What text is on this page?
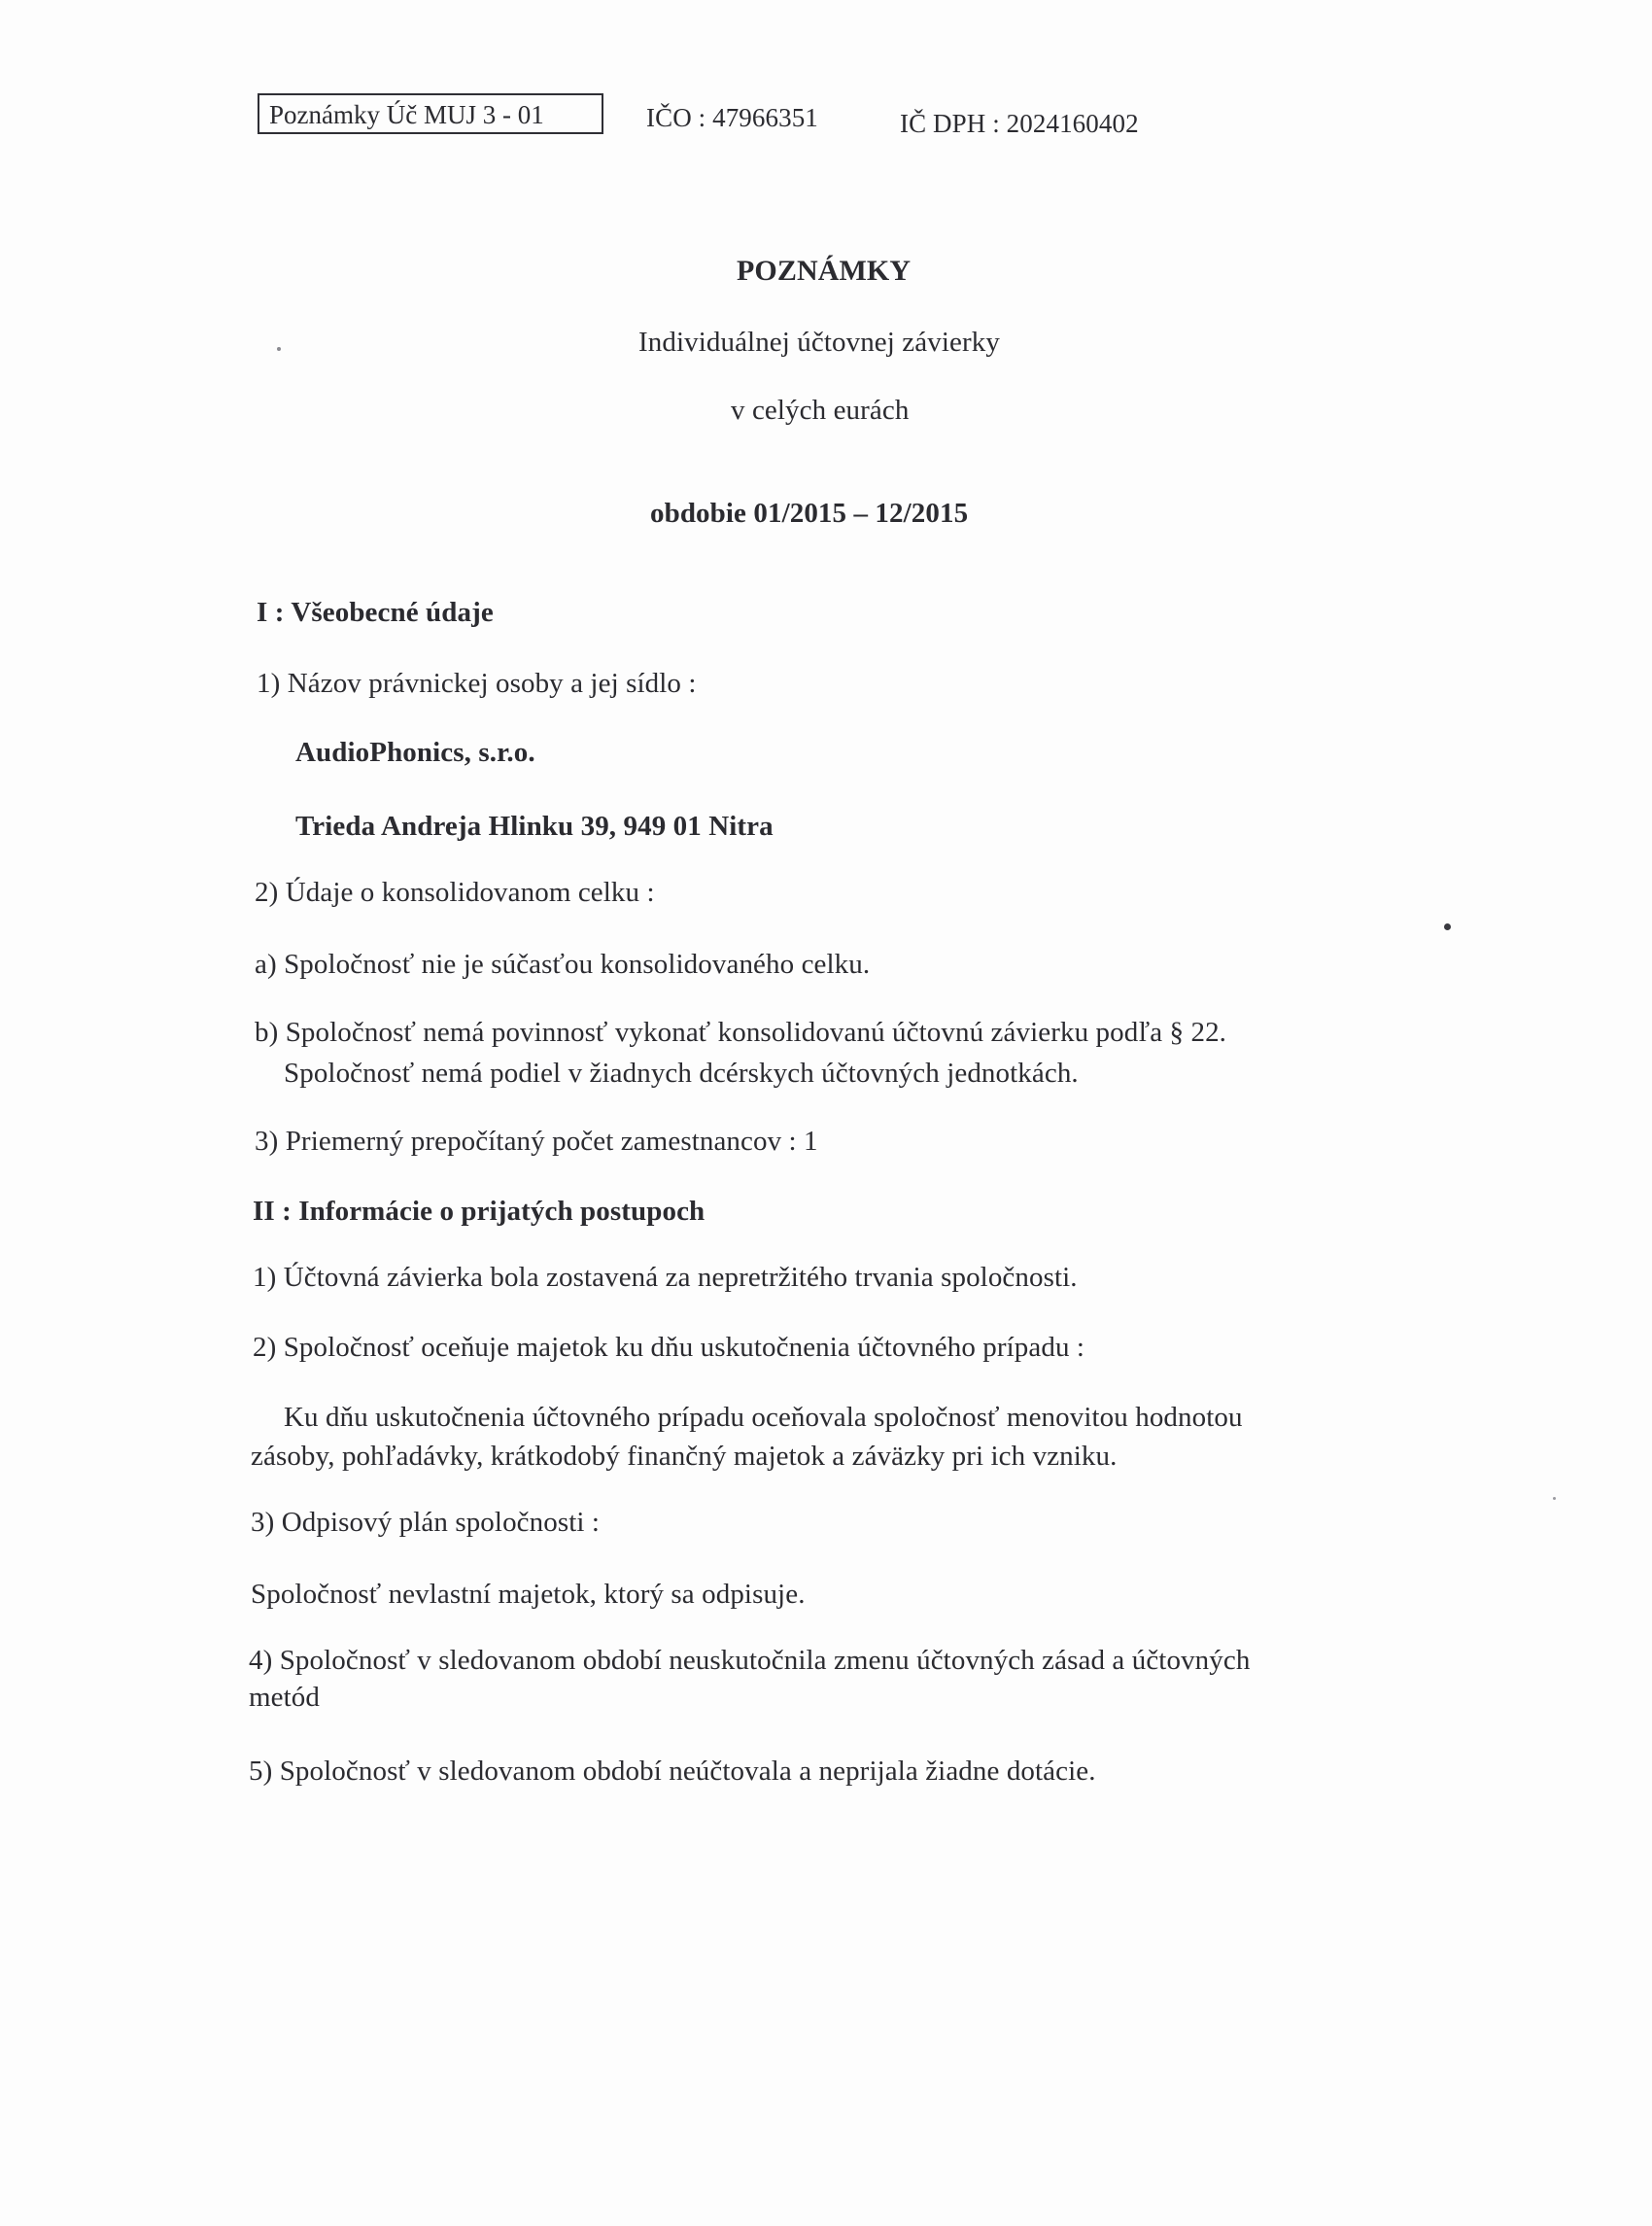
Poznámky Úč MUJ 3 - 01	IČO : 47966351	IČ DPH : 2024160402
POZNÁMKY
Individuálnej účtovnej závierky
v celých eurách
obdobie 01/2015 – 12/2015
I : Všeobecné údaje
1) Názov právnickej osoby a jej sídlo :
AudioPhonics, s.r.o.
Trieda Andreja Hlinku 39, 949 01 Nitra
2) Údaje o konsolidovanom celku :
a) Spoločnosť nie je súčasťou konsolidovaného celku.
b) Spoločnosť nemá povinnosť vykonať konsolidovanú účtovnú závierku podľa § 22.
Spoločnosť nemá podiel v žiadnych dcérskych účtovných jednotkách.
3) Priemerný prepočítaný počet zamestnancov : 1
II : Informácie o prijatých postupoch
1) Účtovná závierka bola zostavená za nepretržitého trvania spoločnosti.
2) Spoločnosť oceňuje majetok ku dňu uskutočnenia účtovného prípadu :
Ku dňu uskutočnenia účtovného prípadu oceňovala spoločnosť menovitou hodnotou
zásoby, pohľadávky, krátkodobý finančný majetok a záväzky pri ich vzniku.
3) Odpisový plán spoločnosti :
Spoločnosť nevlastní majetok, ktorý sa odpisuje.
4) Spoločnosť v sledovanom období neuskutočnila zmenu účtovných zásad a účtovných
metód
5) Spoločnosť v sledovanom období neúčtovala a neprijala žiadne dotácie.
